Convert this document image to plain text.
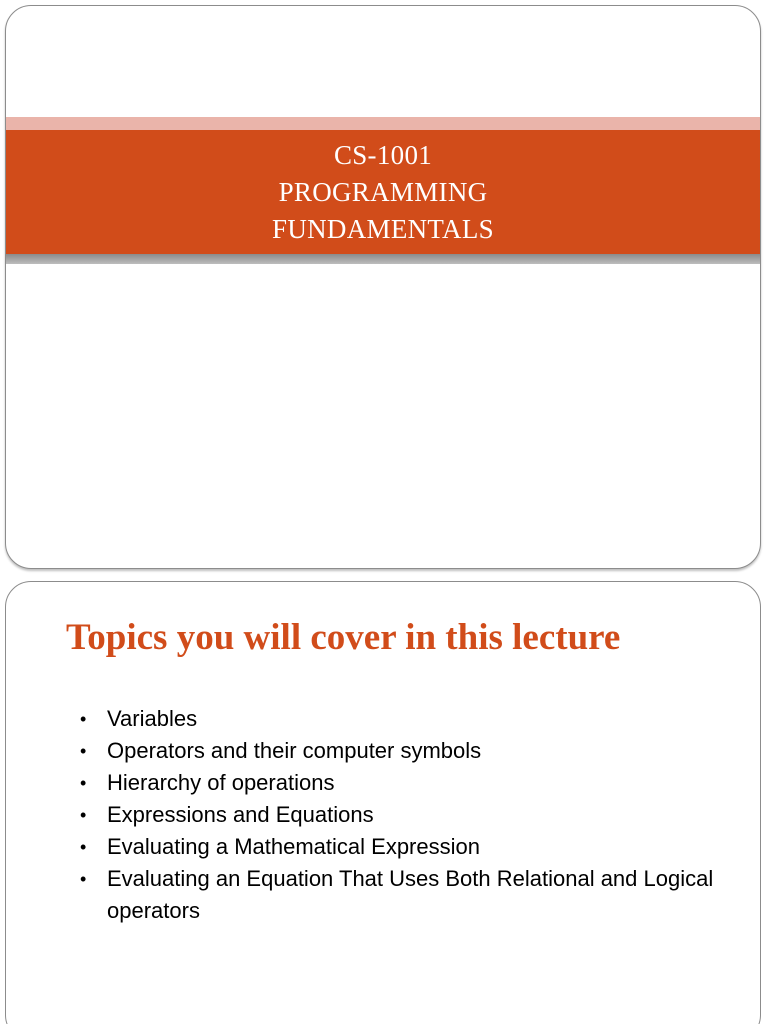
CS-1001
PROGRAMMING
FUNDAMENTALS
Topics you will cover in this lecture
• Variables
• Operators and their computer symbols
• Hierarchy of operations
• Expressions and Equations
• Evaluating a Mathematical Expression
• Evaluating an Equation That Uses Both Relational and Logical operators
